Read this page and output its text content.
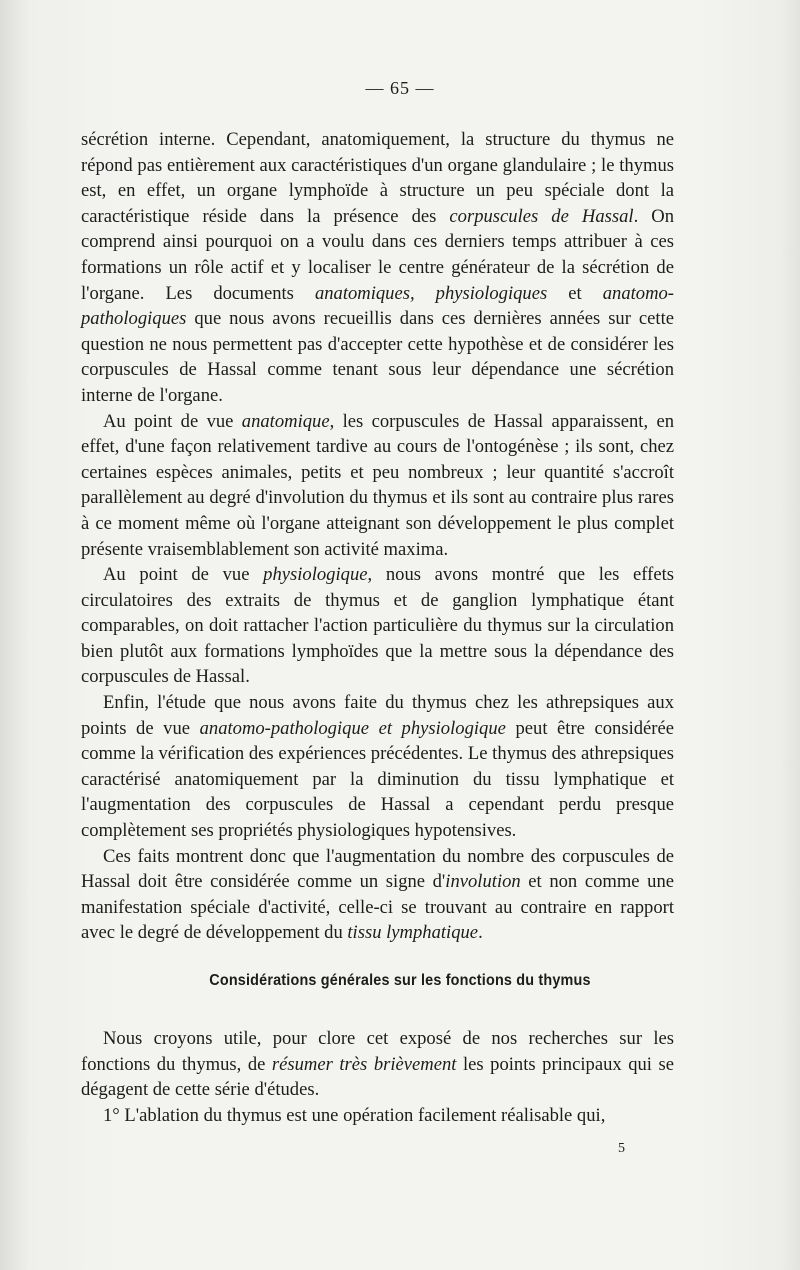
— 65 —

sécrétion interne. Cependant, anatomiquement, la structure du thymus ne répond pas entièrement aux caractéristiques d'un organe glandulaire ; le thymus est, en effet, un organe lymphoïde à structure un peu spéciale dont la caractéristique réside dans la présence des corpuscules de Hassal. On comprend ainsi pourquoi on a voulu dans ces derniers temps attribuer à ces formations un rôle actif et y localiser le centre générateur de la sécrétion de l'organe. Les documents anatomiques, physiologiques et anatomo-pathologiques que nous avons recueillis dans ces dernières années sur cette question ne nous permettent pas d'accepter cette hypothèse et de considérer les corpuscules de Hassal comme tenant sous leur dépendance une sécrétion interne de l'organe.

Au point de vue anatomique, les corpuscules de Hassal apparaissent, en effet, d'une façon relativement tardive au cours de l'ontogénèse ; ils sont, chez certaines espèces animales, petits et peu nombreux ; leur quantité s'accroît parallèlement au degré d'involution du thymus et ils sont au contraire plus rares à ce moment même où l'organe atteignant son développement le plus complet présente vraisemblablement son activité maxima.

Au point de vue physiologique, nous avons montré que les effets circulatoires des extraits de thymus et de ganglion lymphatique étant comparables, on doit rattacher l'action particulière du thymus sur la circulation bien plutôt aux formations lymphoïdes que la mettre sous la dépendance des corpuscules de Hassal.

Enfin, l'étude que nous avons faite du thymus chez les athrepsiques aux points de vue anatomo-pathologique et physiologique peut être considérée comme la vérification des expériences précédentes. Le thymus des athrepsiques caractérisé anatomiquement par la diminution du tissu lymphatique et l'augmentation des corpuscules de Hassal a cependant perdu presque complètement ses propriétés physiologiques hypotensives.

Ces faits montrent donc que l'augmentation du nombre des corpuscules de Hassal doit être considérée comme un signe d'involution et non comme une manifestation spéciale d'activité, celle-ci se trouvant au contraire en rapport avec le degré de développement du tissu lymphatique.

Considérations générales sur les fonctions du thymus

Nous croyons utile, pour clore cet exposé de nos recherches sur les fonctions du thymus, de résumer très brièvement les points principaux qui se dégagent de cette série d'études.

1° L'ablation du thymus est une opération facilement réalisable qui,

5
